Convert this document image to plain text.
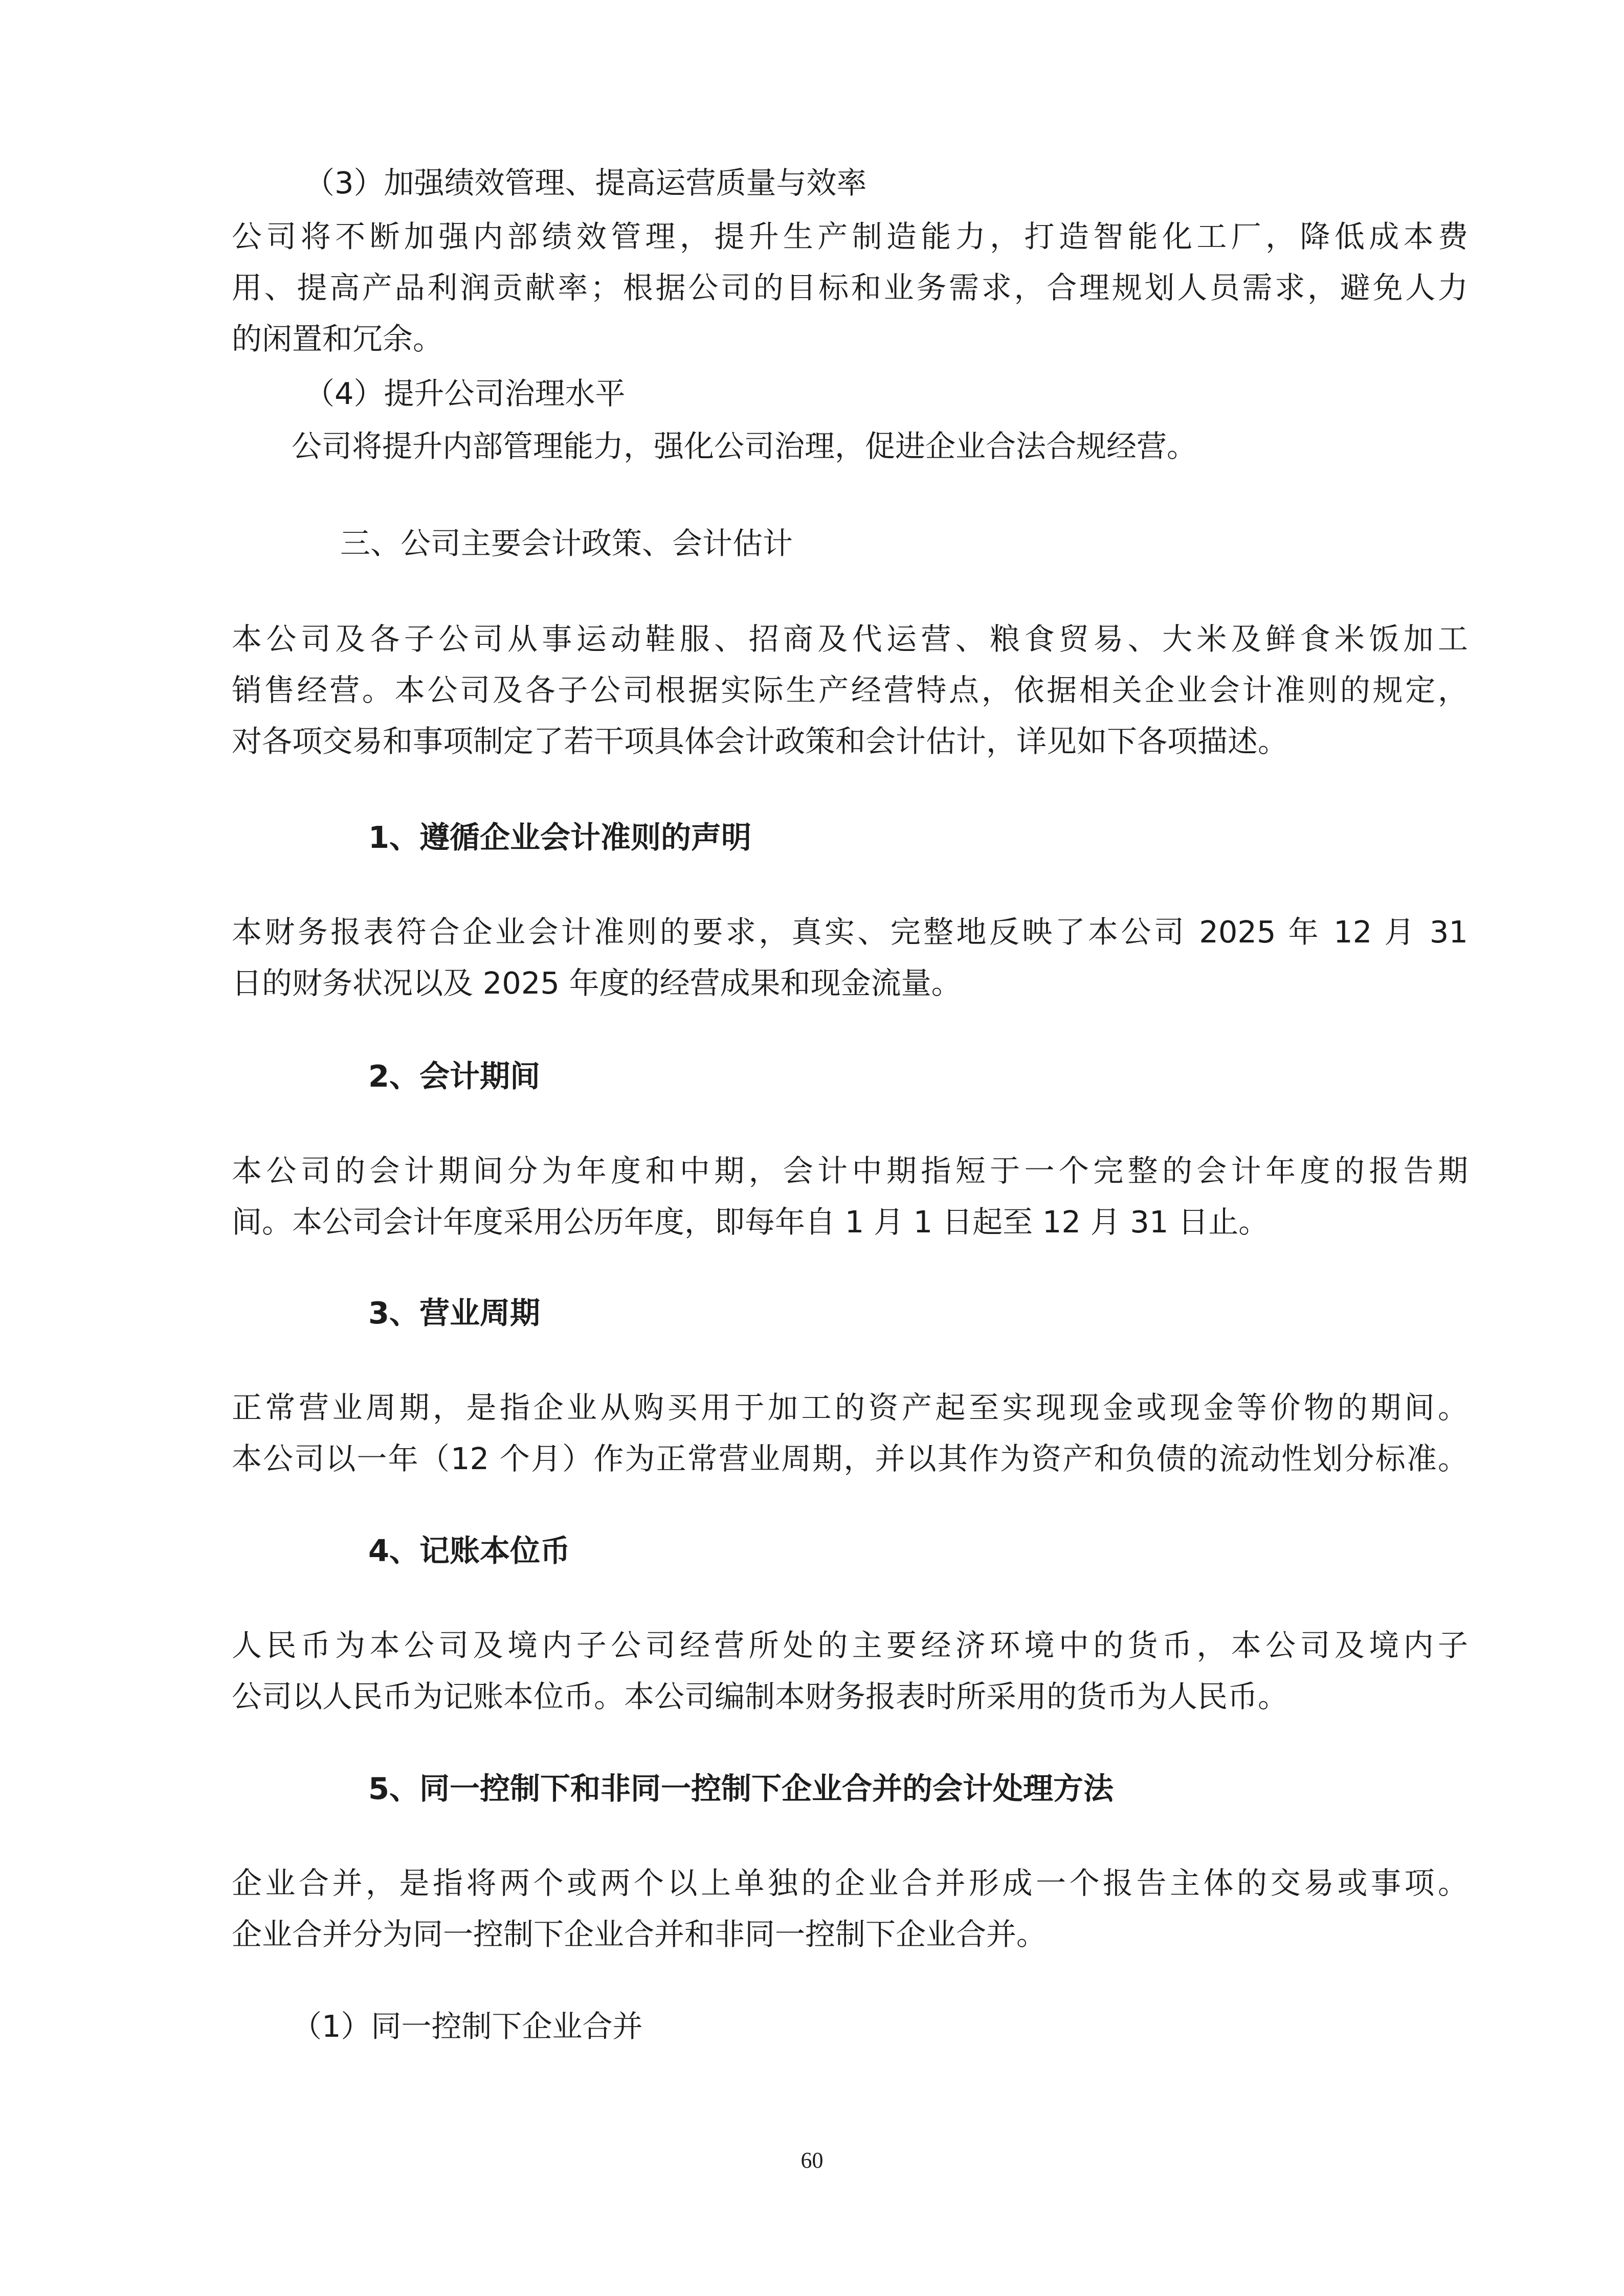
（3）加强绩效管理、提高运营质量与效率

公司将不断加强内部绩效管理，提升生产制造能力，打造智能化工厂，降低成本费

用、提高产品利润贡献率；根据公司的目标和业务需求，合理规划人员需求，避免人力

的闲置和冗余。

（4）提升公司治理水平

公司将提升内部管理能力，强化公司治理，促进企业合法合规经营。

三、公司主要会计政策、会计估计

本公司及各子公司从事运动鞋服、招商及代运营、粮食贸易、大米及鲜食米饭加工

销售经营。本公司及各子公司根据实际生产经营特点，依据相关企业会计准则的规定，

对各项交易和事项制定了若干项具体会计政策和会计估计，详见如下各项描述。

1、遵循企业会计准则的声明

本财务报表符合企业会计准则的要求，真实、完整地反映了本公司 2025 年 12 月 31

日的财务状况以及 2025 年度的经营成果和现金流量。

2、会计期间

本公司的会计期间分为年度和中期，会计中期指短于一个完整的会计年度的报告期

间。本公司会计年度采用公历年度，即每年自 1 月 1 日起至 12 月 31 日止。

3、营业周期

正常营业周期，是指企业从购买用于加工的资产起至实现现金或现金等价物的期间。

本公司以一年（12 个月）作为正常营业周期，并以其作为资产和负债的流动性划分标准。

4、记账本位币

人民币为本公司及境内子公司经营所处的主要经济环境中的货币，本公司及境内子

公司以人民币为记账本位币。本公司编制本财务报表时所采用的货币为人民币。

5、同一控制下和非同一控制下企业合并的会计处理方法

企业合并，是指将两个或两个以上单独的企业合并形成一个报告主体的交易或事项。

企业合并分为同一控制下企业合并和非同一控制下企业合并。

（1）同一控制下企业合并

60
